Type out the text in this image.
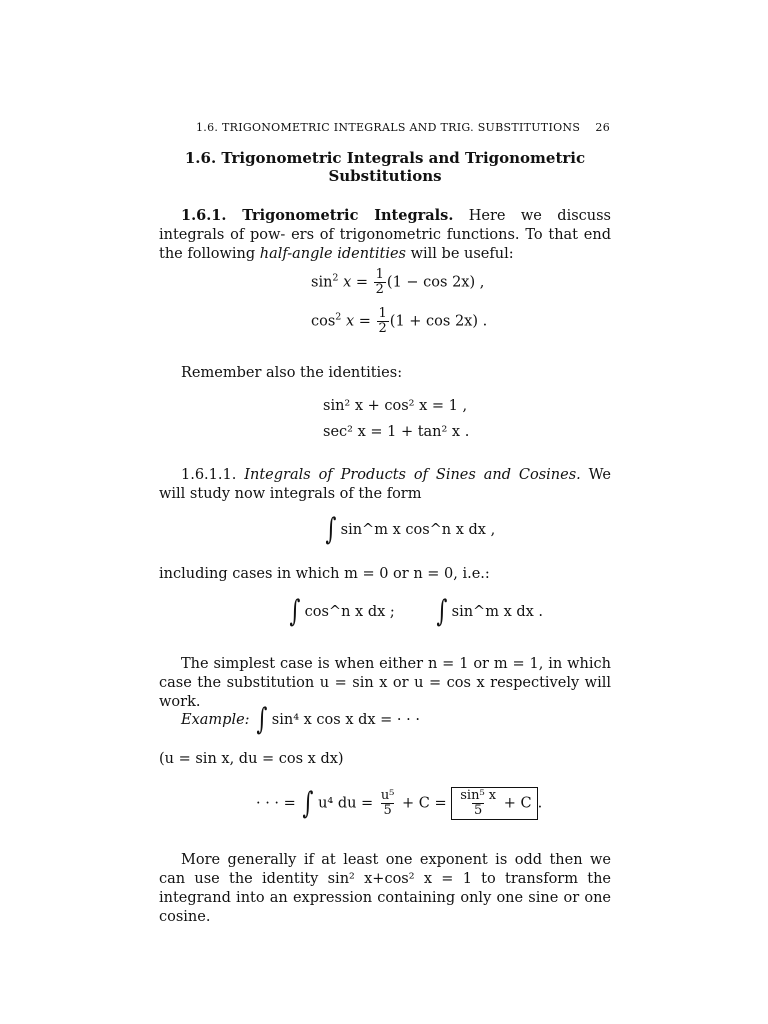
1.6. TRIGONOMETRIC INTEGRALS AND TRIG. SUBSTITUTIONS 26
1.6. Trigonometric Integrals and Trigonometric
Substitutions
1.6.1. Trigonometric Integrals. Here we discuss integrals of pow- ers of trigonometric functions. To that end the following half-angle identities will be useful:
$\sin^2 x = \frac{1}{2} (1 - \cos 2x)$ ,
$\cos^2 x = \frac{1}{2} (1 + \cos 2x)$ .
Remember also the identities:
sin² x + cos² x = 1 ,
sec² x = 1 + tan² x .
1.6.1.1. Integrals of Products of Sines and Cosines. We will study now integrals of the form
∫ sin^m x cos^n x dx ,
including cases in which m = 0 or n = 0, i.e.:
∫ cos^n x dx ; ∫ sin^m x dx .
The simplest case is when either n = 1 or m = 1, in which case the substitution u = sin x or u = cos x respectively will work.
Example: ∫ sin⁴ x cos x dx = · · ·
(u = sin x, du = cos x dx)
· · · = ∫ u⁴ du = $\frac{\text{u⁵}}{5} + C = \frac{\text{sin⁵ x}}{5} + C$ .
More generally if at least one exponent is odd then we can use the identity sin² x+cos² x = 1 to transform the integrand into an expression containing only one sine or one cosine.
